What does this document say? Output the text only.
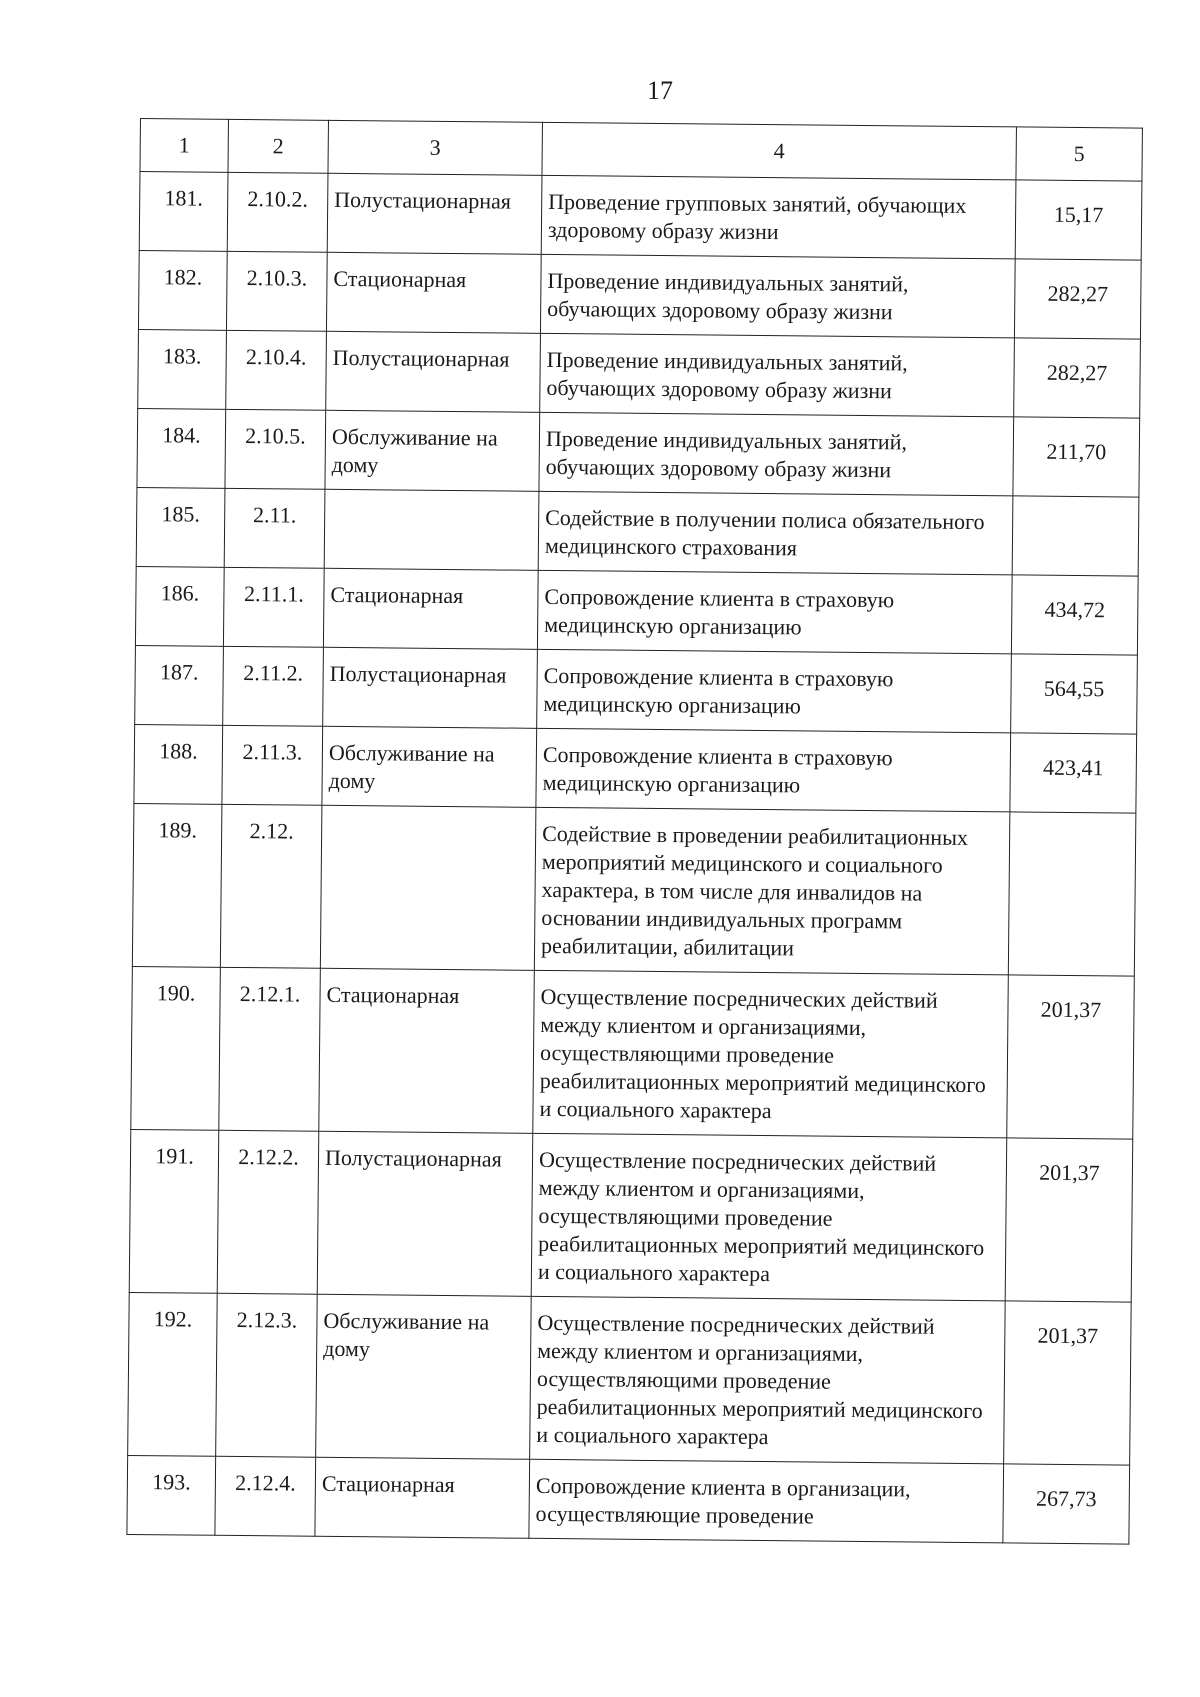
17
1	2	3	4	5
181.	2.10.2.	Полустационарная	Проведение групповых занятий, обучающих здоровому образу жизни	15,17
182.	2.10.3.	Стационарная	Проведение индивидуальных занятий, обучающих здоровому образу жизни	282,27
183.	2.10.4.	Полустационарная	Проведение индивидуальных занятий, обучающих здоровому образу жизни	282,27
184.	2.10.5.	Обслуживание на дому	Проведение индивидуальных занятий, обучающих здоровому образу жизни	211,70
185.	2.11.		Содействие в получении полиса обязательного медицинского страхования	
186.	2.11.1.	Стационарная	Сопровождение клиента в страховую медицинскую организацию	434,72
187.	2.11.2.	Полустационарная	Сопровождение клиента в страховую медицинскую организацию	564,55
188.	2.11.3.	Обслуживание на дому	Сопровождение клиента в страховую медицинскую организацию	423,41
189.	2.12.		Содействие в проведении реабилитационных мероприятий медицинского и социального характера, в том числе для инвалидов на основании индивидуальных программ реабилитации, абилитации	
190.	2.12.1.	Стационарная	Осуществление посреднических действий между клиентом и организациями, осуществляющими проведение реабилитационных мероприятий медицинского и социального характера	201,37
191.	2.12.2.	Полустационарная	Осуществление посреднических действий между клиентом и организациями, осуществляющими проведение реабилитационных мероприятий медицинского и социального характера	201,37
192.	2.12.3.	Обслуживание на дому	Осуществление посреднических действий между клиентом и организациями, осуществляющими проведение реабилитационных мероприятий медицинского и социального характера	201,37
193.	2.12.4.	Стационарная	Сопровождение клиента в организации, осуществляющие проведение	267,73
